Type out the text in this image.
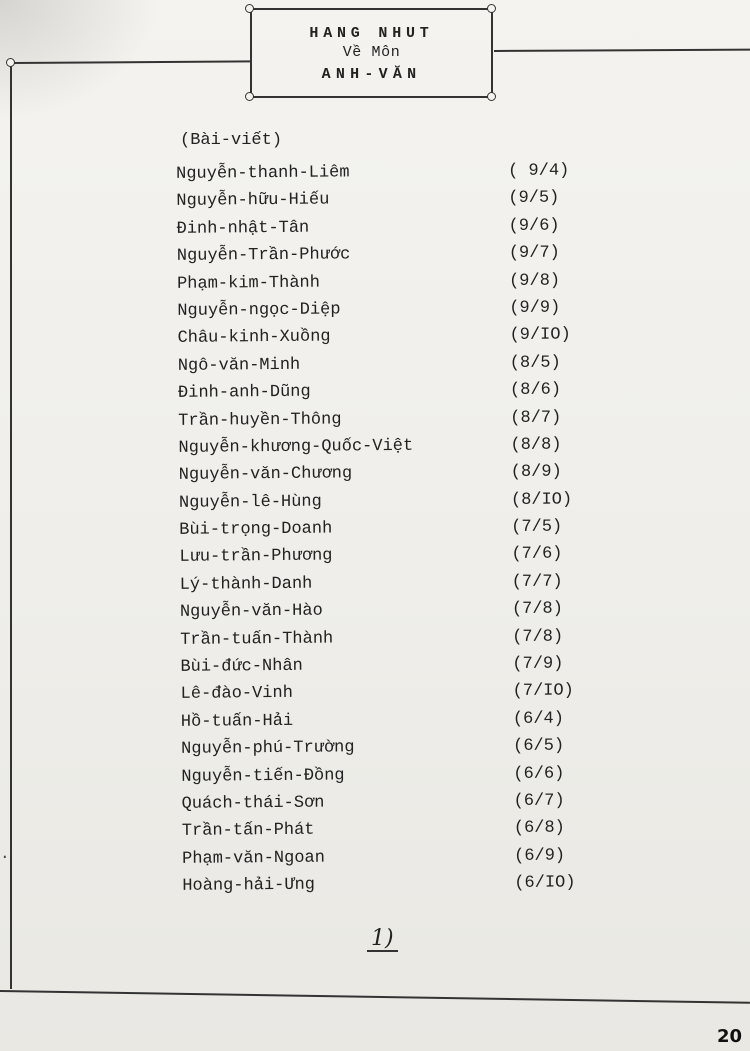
HANG NHUT
Về Môn
ANH-VĂN
(Bài-viết)
Nguyễn-thanh-Liêm	( 9/4)
Nguyễn-hữu-Hiếu	(9/5)
Đinh-nhật-Tân	(9/6)
Nguyễn-Trần-Phước	(9/7)
Phạm-kim-Thành	(9/8)
Nguyễn-ngọc-Diệp	(9/9)
Châu-kinh-Xuồng	(9/IO)
Ngô-văn-Minh	(8/5)
Đinh-anh-Dũng	(8/6)
Trần-huyền-Thông	(8/7)
Nguyễn-khương-Quốc-Việt	(8/8)
Nguyễn-văn-Chương	(8/9)
Nguyễn-lê-Hùng	(8/IO)
Bùi-trọng-Doanh	(7/5)
Lưu-trần-Phương	(7/6)
Lý-thành-Danh	(7/7)
Nguyễn-văn-Hào	(7/8)
Trần-tuấn-Thành	(7/8)
Bùi-đức-Nhân	(7/9)
Lê-đào-Vinh	(7/IO)
Hồ-tuấn-Hải	(6/4)
Nguyễn-phú-Trường	(6/5)
Nguyễn-tiến-Đồng	(6/6)
Quách-thái-Sơn	(6/7)
Trần-tấn-Phát	(6/8)
Phạm-văn-Ngoan	(6/9)
Hoàng-hải-Ưng	(6/IO)
1)
·
20
